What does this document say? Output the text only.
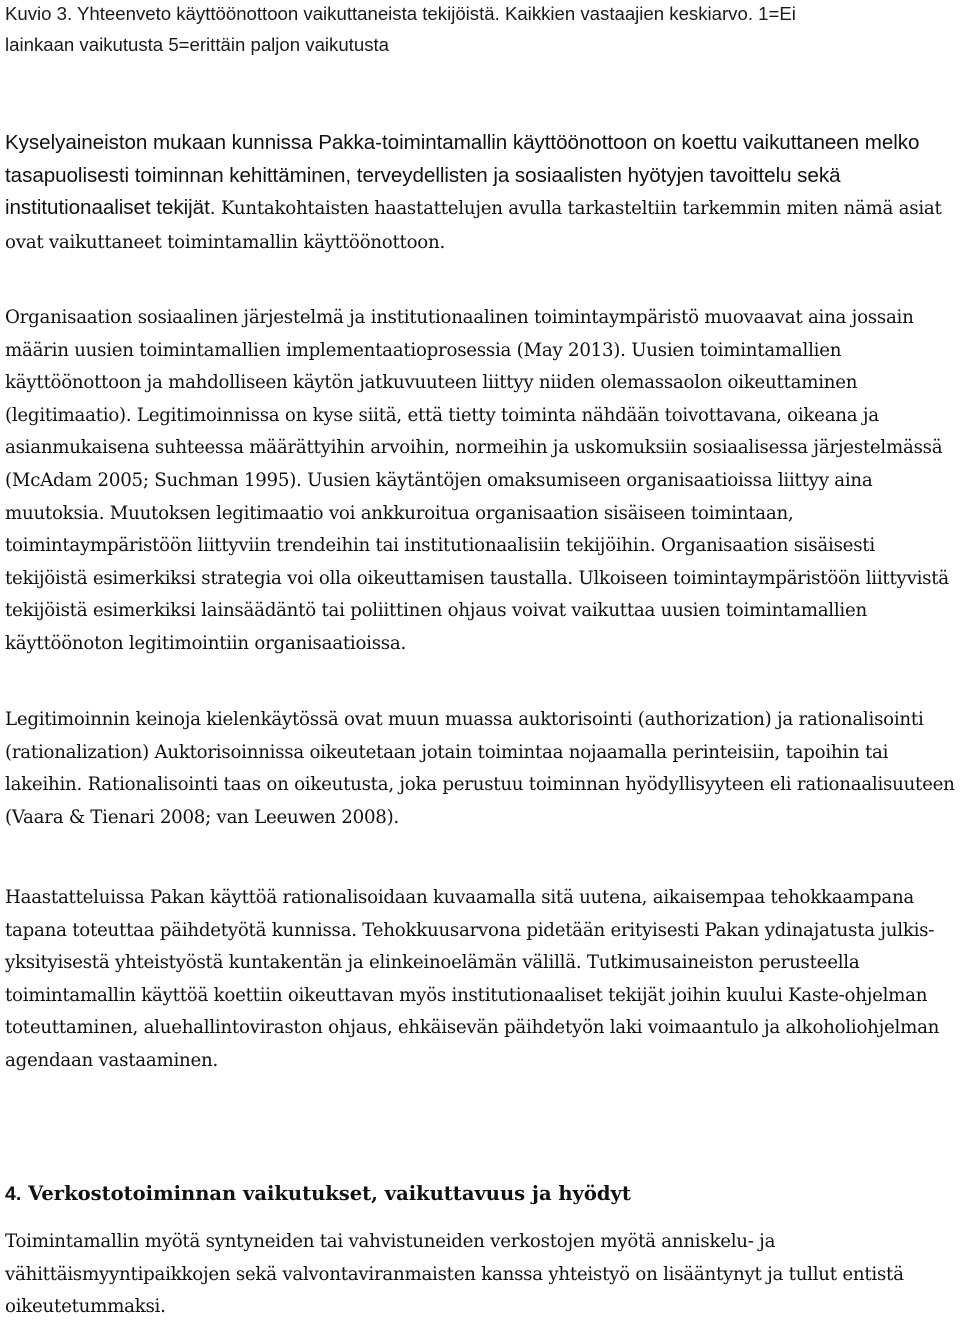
Kuvio 3. Yhteenveto käyttöönottoon vaikuttaneista tekijöistä. Kaikkien vastaajien keskiarvo. 1=Ei

lainkaan vaikutusta 5=erittäin paljon vaikutusta

Kyselyaineiston mukaan kunnissa Pakka-toimintamallin käyttöönottoon on koettu vaikuttaneen melko tasapuolisesti toiminnan kehittäminen, terveydellisten ja sosiaalisten hyötyjen tavoittelu sekä institutionaaliset tekijät. Kuntakohtaisten haastattelujen avulla tarkasteltiin tarkemmin miten nämä asiat ovat vaikuttaneet toimintamallin käyttöönottoon.

Organisaation sosiaalinen järjestelmä ja institutionaalinen toimintaympäristö muovaavat aina jossain määrin uusien toimintamallien implementaatioprosessia (May 2013). Uusien toimintamallien käyttöönottoon ja mahdolliseen käytön jatkuvuuteen liittyy niiden olemassaolon oikeuttaminen (legitimaatio). Legitimoinnissa on kyse siitä, että tietty toiminta nähdään toivottavana, oikeana ja asianmukaisena suhteessa määrättyihin arvoihin, normeihin ja uskomuksiin sosiaalisessa järjestelmässä (McAdam 2005; Suchman 1995). Uusien käytäntöjen omaksumiseen organisaatioissa liittyy aina muutoksia. Muutoksen legitimaatio voi ankkuroitua organisaation sisäiseen toimintaan, toimintaympäristöön liittyviin trendeihin tai institutionaalisiin tekijöihin. Organisaation sisäisesti tekijöistä esimerkiksi strategia voi olla oikeuttamisen taustalla. Ulkoiseen toimintaympäristöön liittyvistä tekijöistä esimerkiksi lainsäädäntö tai poliittinen ohjaus voivat vaikuttaa uusien toimintamallien käyttöönoton legitimointiin organisaatioissa.

Legitimoinnin keinoja kielenkäytössä ovat muun muassa auktorisointi (authorization) ja rationalisointi (rationalization) Auktorisoinnissa oikeutetaan jotain toimintaa nojaamalla perinteisiin, tapoihin tai lakeihin. Rationalisointi taas on oikeutusta, joka perustuu toiminnan hyödyllisyyteen eli rationaalisuuteen (Vaara & Tienari 2008; van Leeuwen 2008).

Haastatteluissa Pakan käyttöä rationalisoidaan kuvaamalla sitä uutena, aikaisempaa tehokkaampana tapana toteuttaa päihdetyötä kunnissa. Tehokkuusarvona pidetään erityisesti Pakan ydinajatusta julkis-yksityisestä yhteistyöstä kuntakentän ja elinkeinoelämän välillä. Tutkimusaineiston perusteella toimintamallin käyttöä koettiin oikeuttavan myös institutionaaliset tekijät joihin kuului Kaste-ohjelman toteuttaminen, aluehallintoviraston ohjaus, ehkäisevän päihdetyön laki voimaantulo ja alkoholiohjelman agendaan vastaaminen.

4. Verkostotoiminnan vaikutukset, vaikuttavuus ja hyödyt

Toimintamallin myötä syntyneiden tai vahvistuneiden verkostojen myötä anniskelu- ja vähittäismyyntipaikkojen sekä valvontaviranmaisten kanssa yhteistyö on lisääntynyt ja tullut entistä oikeutetummaksi.
